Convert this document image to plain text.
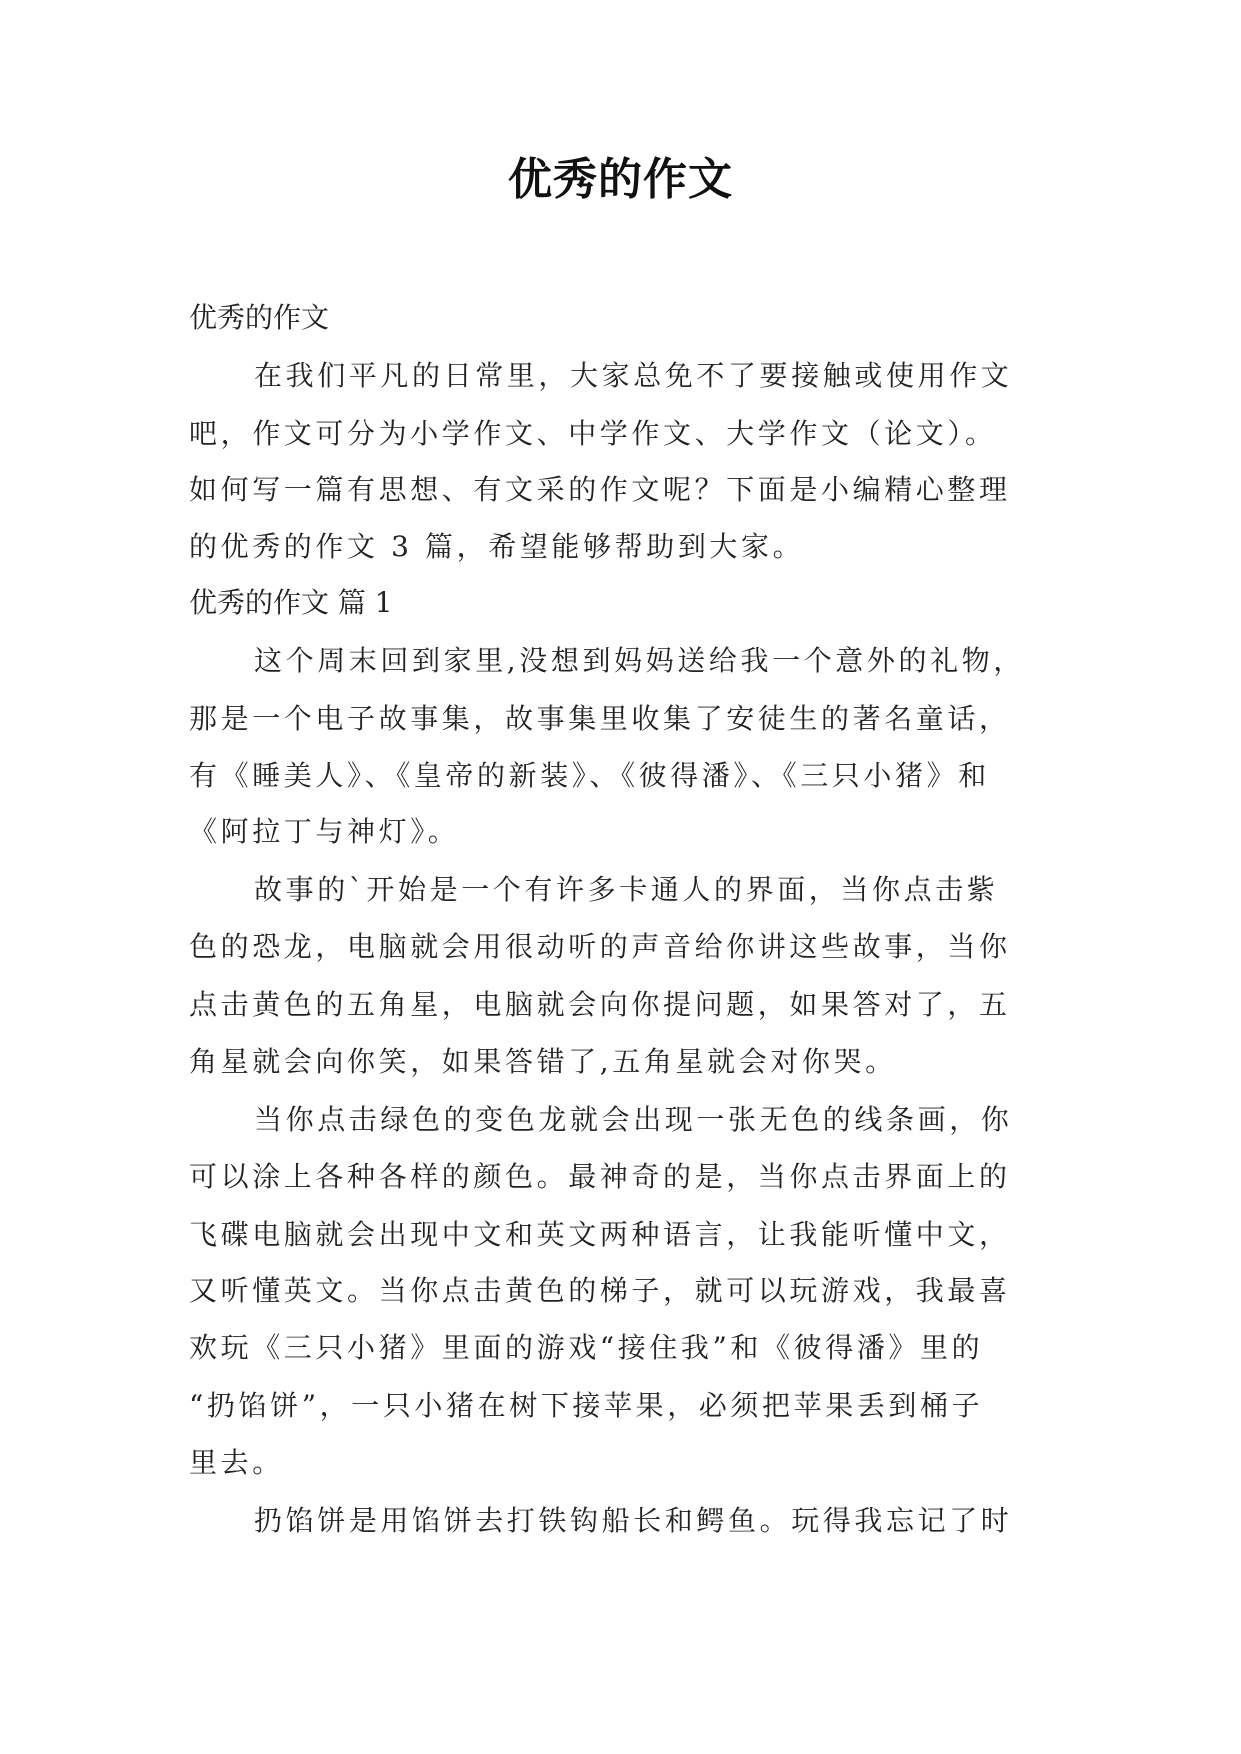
优秀的作文
优秀的作文
在我们平凡的日常里，大家总免不了要接触或使用作文
吧，作文可分为小学作文、中学作文、大学作文（论文）。
如何写一篇有思想、有文采的作文呢？下面是小编精心整理
的优秀的作文 3 篇，希望能够帮助到大家。
优秀的作文 篇 1
这个周末回到家里,没想到妈妈送给我一个意外的礼物，
那是一个电子故事集，故事集里收集了安徒生的著名童话，
有《睡美人》、《皇帝的新装》、《彼得潘》、《三只小猪》和
《阿拉丁与神灯》。
故事的`开始是一个有许多卡通人的界面，当你点击紫
色的恐龙，电脑就会用很动听的声音给你讲这些故事，当你
点击黄色的五角星，电脑就会向你提问题，如果答对了，五
角星就会向你笑，如果答错了,五角星就会对你哭。
当你点击绿色的变色龙就会出现一张无色的线条画，你
可以涂上各种各样的颜色。最神奇的是，当你点击界面上的
飞碟电脑就会出现中文和英文两种语言，让我能听懂中文，
又听懂英文。当你点击黄色的梯子，就可以玩游戏，我最喜
欢玩《三只小猪》里面的游戏“接住我”和《彼得潘》里的
“扔馅饼”，一只小猪在树下接苹果，必须把苹果丢到桶子
里去。
扔馅饼是用馅饼去打铁钩船长和鳄鱼。玩得我忘记了时
